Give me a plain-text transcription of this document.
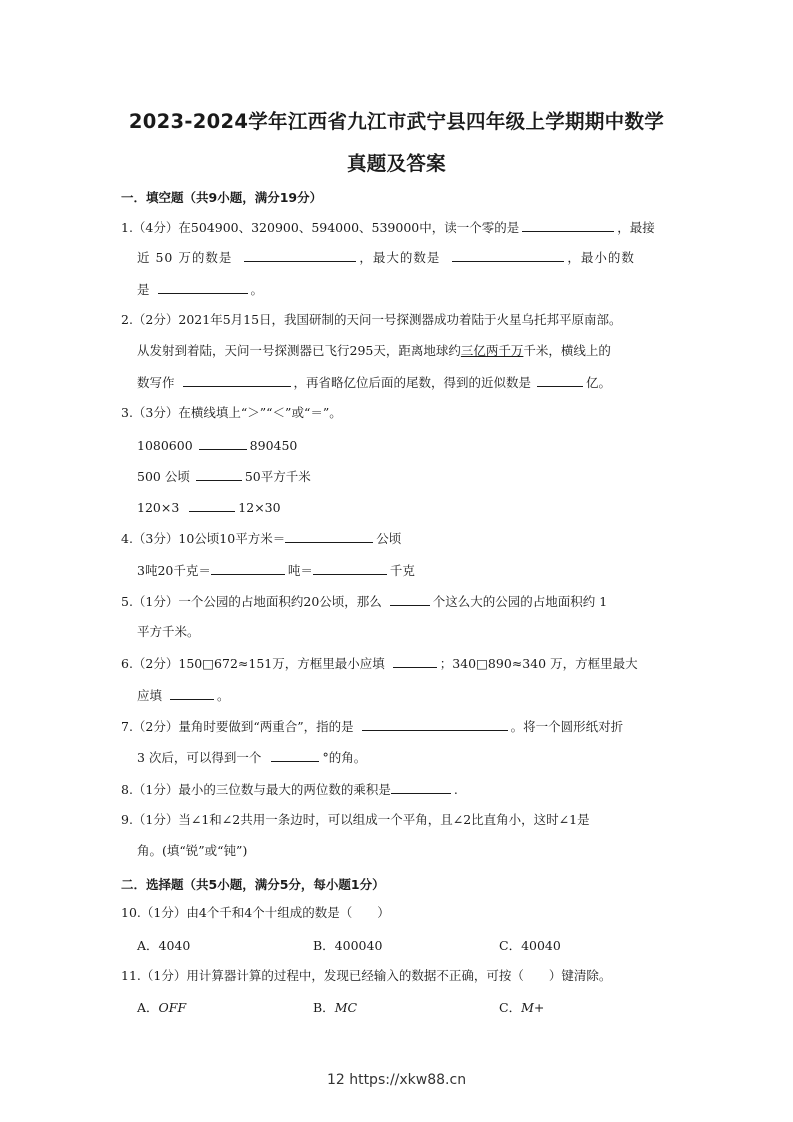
2023-2024学年江西省九江市武宁县四年级上学期期中数学
真题及答案
一．填空题（共9小题，满分19分）
1.（4分）在504900、320900、594000、539000中，读一个零的是	，最接
近 50 万的数是	，最大的数是	，最小的数
是	。
2.（2分）2021年5月15日，我国研制的天问一号探测器成功着陆于火星乌托邦平原南部。
从发射到着陆，天问一号探测器已飞行295天，距离地球约三亿两千万千米，横线上的
数写作	，再省略亿位后面的尾数，得到的近似数是	亿。
3.（3分）在横线填上“＞”“＜”或“＝”。
1080600	890450
500 公顷	50平方千米
120×3	12×30
4.（3分）10公顷10平方米＝	公顷
3吨20千克＝	吨＝	千克
5.（1分）一个公园的占地面积约20公顷，那么	个这么大的公园的占地面积约 1
平方千米。
6.（2分）150□672≈151万，方框里最小应填	；340□890≈340 万，方框里最大
应填	。
7.（2分）量角时要做到“两重合”，指的是	。将一个圆形纸对折
3 次后，可以得到一个	°的角。
8.（1分）最小的三位数与最大的两位数的乘积是	.
9.（1分）当∠1和∠2共用一条边时，可以组成一个平角，且∠2比直角小，这时∠1是
角。(填“锐”或“钝”)
二．选择题（共5小题，满分5分，每小题1分）
10.（1分）由4个千和4个十组成的数是（　　）
A．4040	B．400040	C．40040
11.（1分）用计算器计算的过程中，发现已经输入的数据不正确，可按（　　）键清除。
A．OFF	B．MC	C．M+
12 https://xkw88.cn
